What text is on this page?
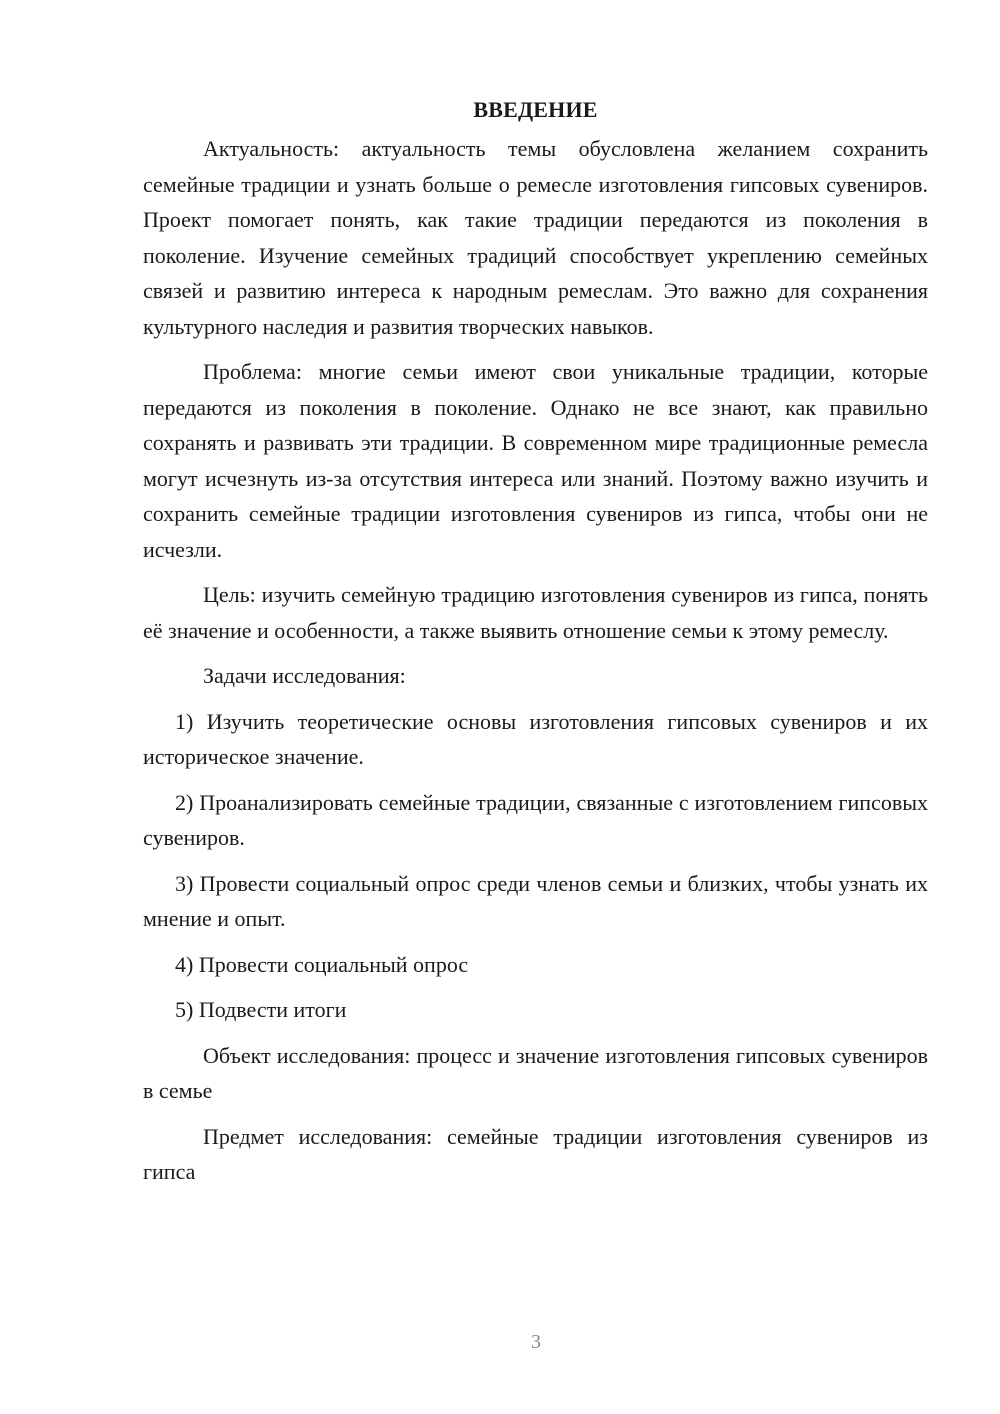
ВВЕДЕНИЕ

Актуальность: актуальность темы обусловлена желанием сохранить семейные традиции и узнать больше о ремесле изготовления гипсовых сувениров. Проект помогает понять, как такие традиции передаются из поколения в поколение. Изучение семейных традиций способствует укреплению семейных связей и развитию интереса к народным ремеслам. Это важно для сохранения культурного наследия и развития творческих навыков.

Проблема: многие семьи имеют свои уникальные традиции, которые передаются из поколения в поколение. Однако не все знают, как правильно сохранять и развивать эти традиции. В современном мире традиционные ремесла могут исчезнуть из-за отсутствия интереса или знаний. Поэтому важно изучить и сохранить семейные традиции изготовления сувениров из гипса, чтобы они не исчезли.

Цель: изучить семейную традицию изготовления сувениров из гипса, понять её значение и особенности, а также выявить отношение семьи к этому ремеслу.

Задачи исследования:

1) Изучить теоретические основы изготовления гипсовых сувениров и их историческое значение.

2) Проанализировать семейные традиции, связанные с изготовлением гипсовых сувениров.

3) Провести социальный опрос среди членов семьи и близких, чтобы узнать их мнение и опыт.

4) Провести социальный опрос

5) Подвести итоги

Объект исследования: процесс и значение изготовления гипсовых сувениров в семье

Предмет исследования: семейные традиции изготовления сувениров из гипса

3
